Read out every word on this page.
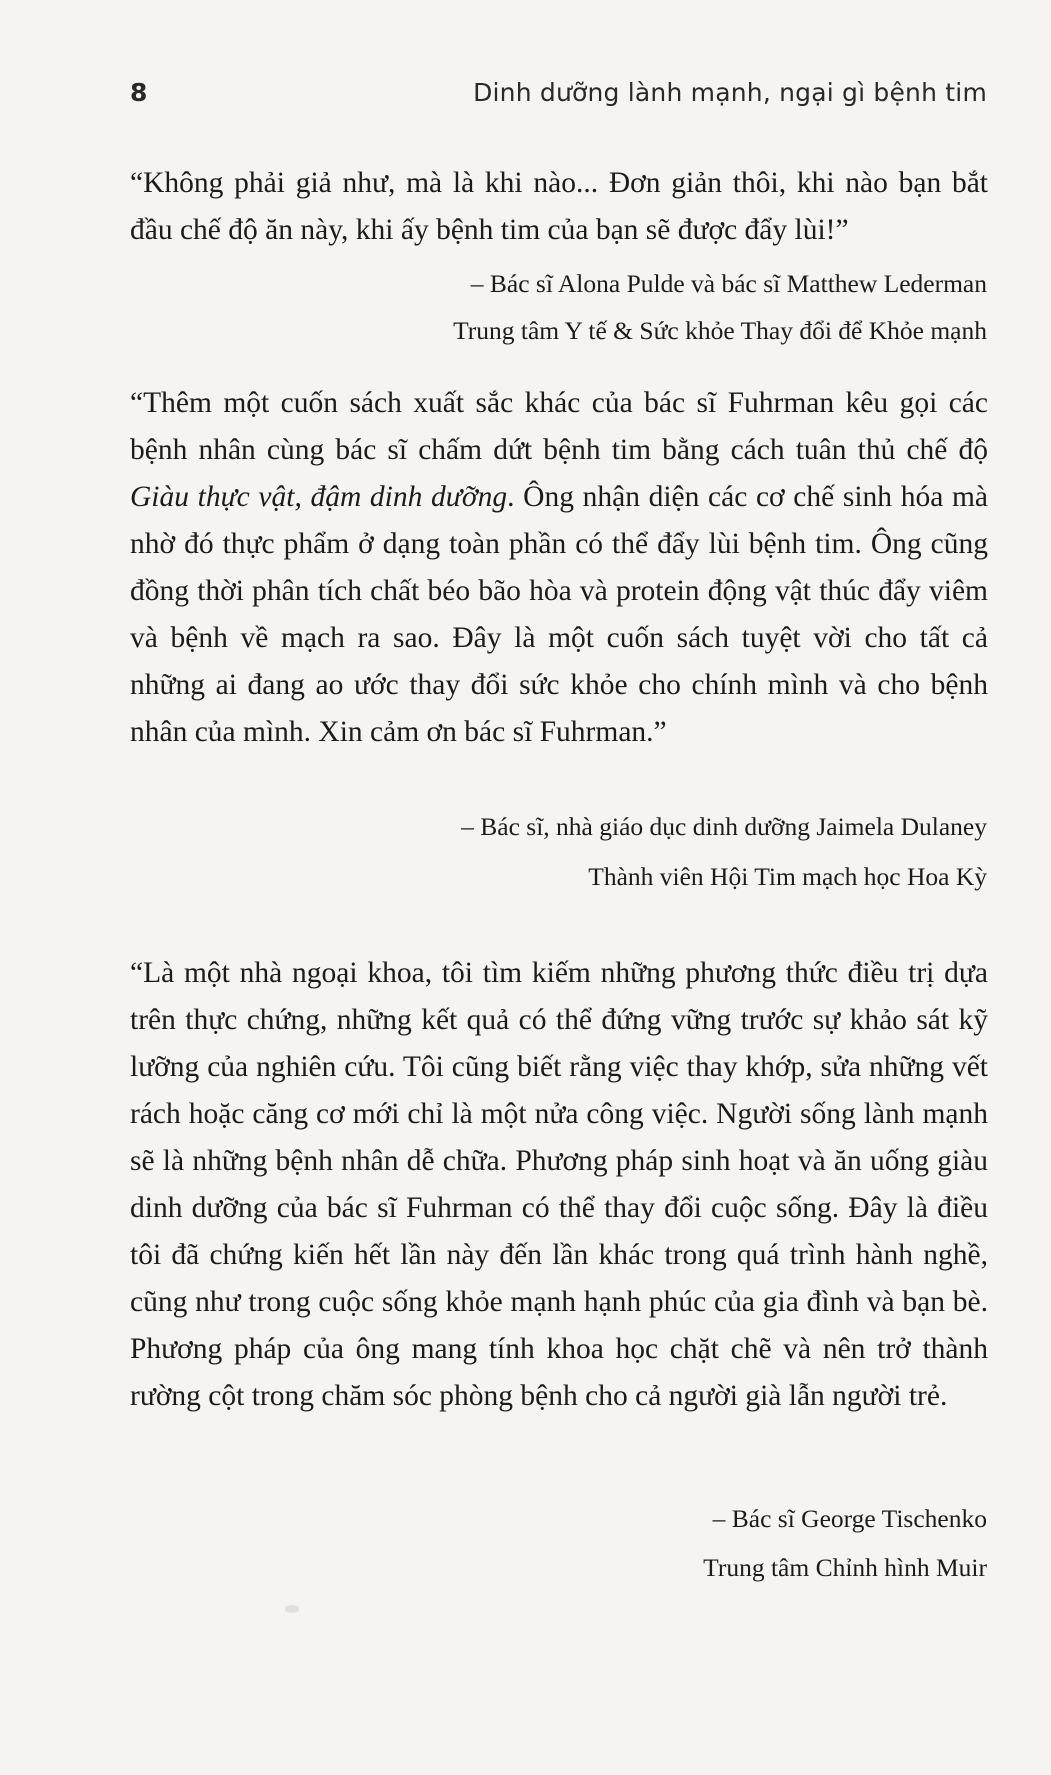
8	Dinh dưỡng lành mạnh, ngại gì bệnh tim

“Không phải giả như, mà là khi nào... Đơn giản thôi, khi nào bạn bắt đầu chế độ ăn này, khi ấy bệnh tim của bạn sẽ được đẩy lùi!”

– Bác sĩ Alona Pulde và bác sĩ Matthew Lederman
Trung tâm Y tế & Sức khỏe Thay đổi để Khỏe mạnh

“Thêm một cuốn sách xuất sắc khác của bác sĩ Fuhrman kêu gọi các bệnh nhân cùng bác sĩ chấm dứt bệnh tim bằng cách tuân thủ chế độ Giàu thực vật, đậm dinh dưỡng. Ông nhận diện các cơ chế sinh hóa mà nhờ đó thực phẩm ở dạng toàn phần có thể đẩy lùi bệnh tim. Ông cũng đồng thời phân tích chất béo bão hòa và protein động vật thúc đẩy viêm và bệnh về mạch ra sao. Đây là một cuốn sách tuyệt vời cho tất cả những ai đang ao ước thay đổi sức khỏe cho chính mình và cho bệnh nhân của mình. Xin cảm ơn bác sĩ Fuhrman.”

– Bác sĩ, nhà giáo dục dinh dưỡng Jaimela Dulaney
Thành viên Hội Tim mạch học Hoa Kỳ

“Là một nhà ngoại khoa, tôi tìm kiếm những phương thức điều trị dựa trên thực chứng, những kết quả có thể đứng vững trước sự khảo sát kỹ lưỡng của nghiên cứu. Tôi cũng biết rằng việc thay khớp, sửa những vết rách hoặc căng cơ mới chỉ là một nửa công việc. Người sống lành mạnh sẽ là những bệnh nhân dễ chữa. Phương pháp sinh hoạt và ăn uống giàu dinh dưỡng của bác sĩ Fuhrman có thể thay đổi cuộc sống. Đây là điều tôi đã chứng kiến hết lần này đến lần khác trong quá trình hành nghề, cũng như trong cuộc sống khỏe mạnh hạnh phúc của gia đình và bạn bè. Phương pháp của ông mang tính khoa học chặt chẽ và nên trở thành rường cột trong chăm sóc phòng bệnh cho cả người già lẫn người trẻ.

– Bác sĩ George Tischenko
Trung tâm Chỉnh hình Muir
